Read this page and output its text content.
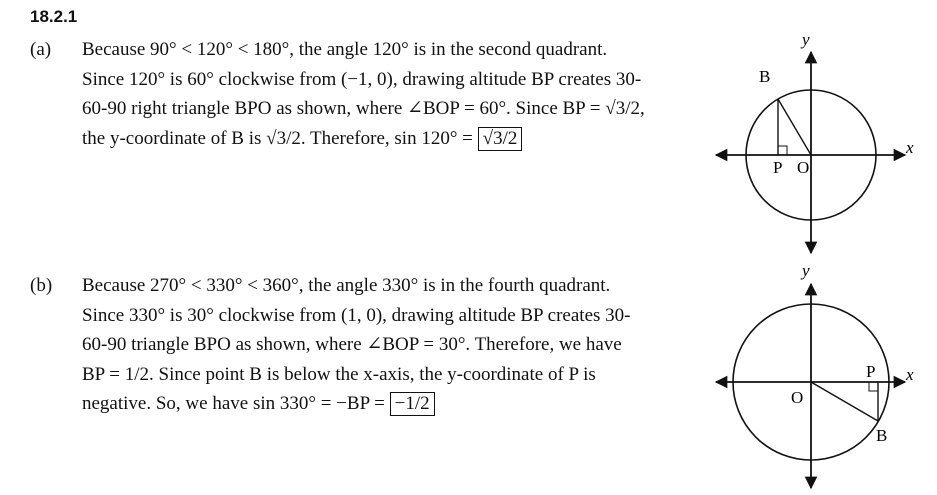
18.2.1
(a) Because 90° < 120° < 180°, the angle 120° is in the second quadrant.
Since 120° is 60° clockwise from (−1, 0), drawing altitude BP creates 30-
60-90 right triangle BPO as shown, where ∠BOP = 60°. Since BP = √3/2,
the y-coordinate of B is √3/2. Therefore, sin 120° = √3/2
(b) Because 270° < 330° < 360°, the angle 330° is in the fourth quadrant.
Since 330° is 30° clockwise from (1, 0), drawing altitude BP creates 30-
60-90 triangle BPO as shown, where ∠BOP = 30°. Therefore, we have
BP = 1/2. Since point B is below the x-axis, the y-coordinate of P is
negative. So, we have sin 330° = −BP = −1/2
y
x
B
P O
y
x
B
P
O
